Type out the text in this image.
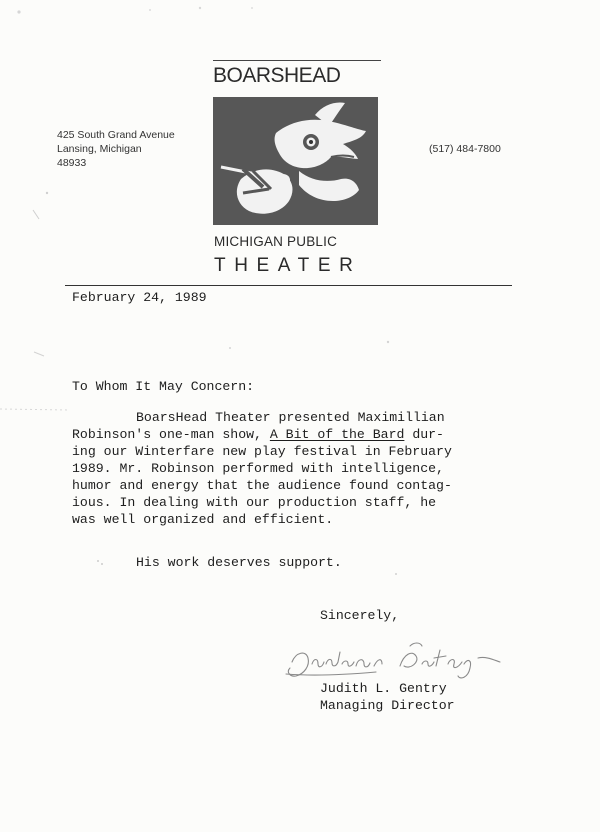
BOARSHEAD
MICHIGAN PUBLIC
THEATER
425 South Grand Avenue
Lansing, Michigan
48933
(517) 484-7800
February 24, 1989
To Whom It May Concern:
BoarsHead Theater presented Maximillian
Robinson's one-man show, A Bit of the Bard dur-
ing our Winterfare new play festival in February
1989. Mr. Robinson performed with intelligence,
humor and energy that the audience found contag-
ious. In dealing with our production staff, he
was well organized and efficient.
His work deserves support.
Sincerely,
Judith L. Gentry
Managing Director
